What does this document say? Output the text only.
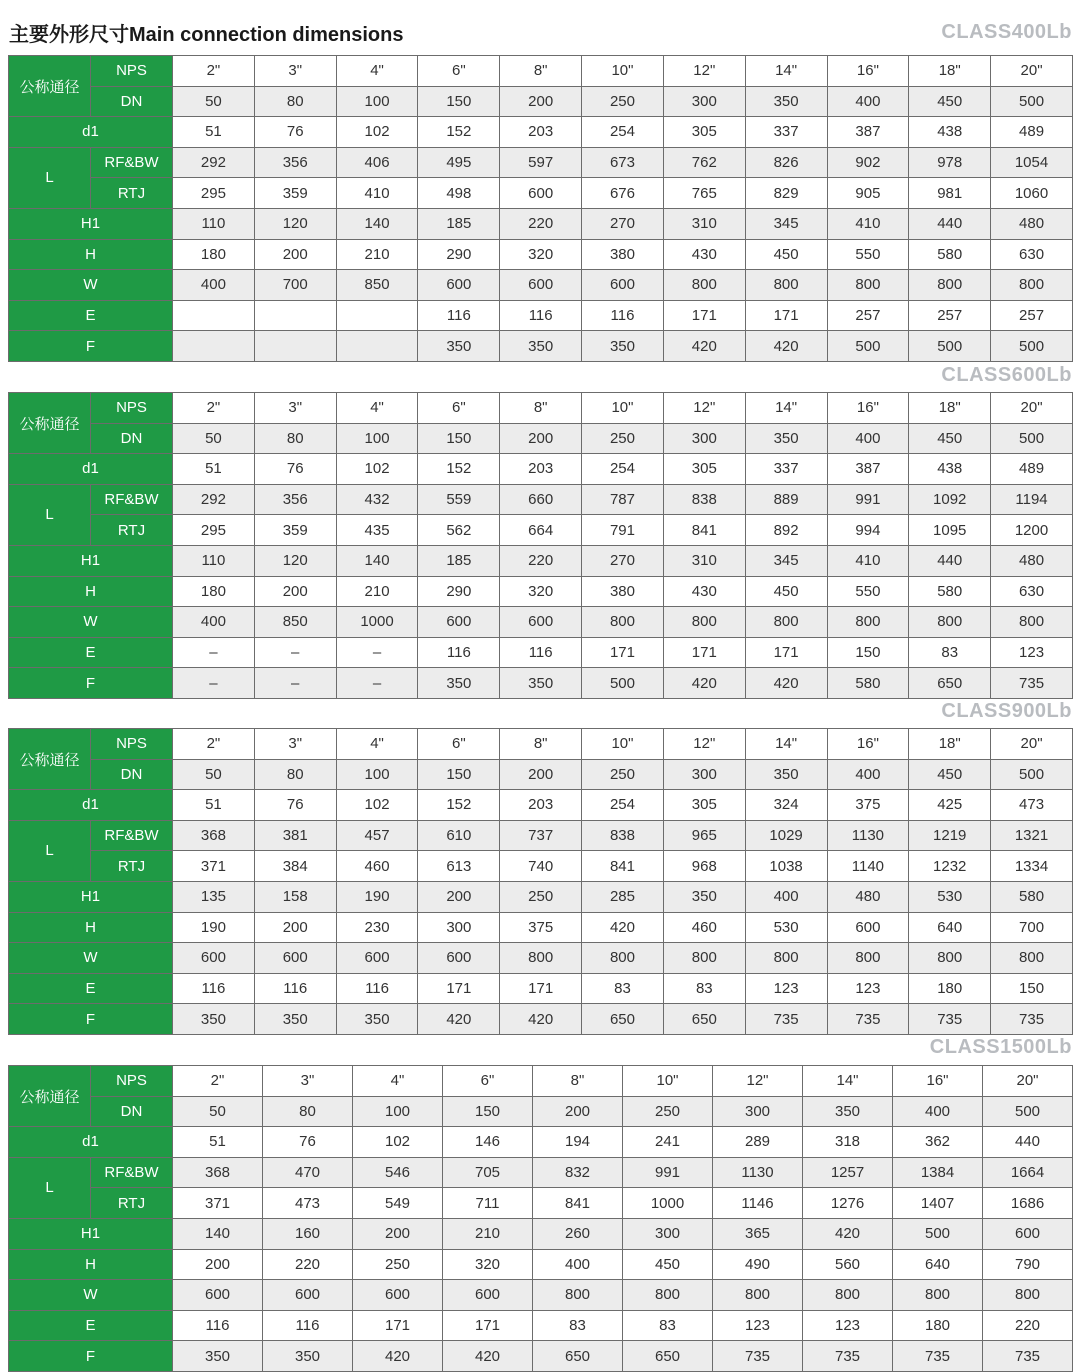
主要外形尺寸Main connection dimensions	CLASS400Lb
公称通径	NPS	2"	3"	4"	6"	8"	10"	12"	14"	16"	18"	20"
	DN	50	80	100	150	200	250	300	350	400	450	500
d1		51	76	102	152	203	254	305	337	387	438	489
L	RF&BW	292	356	406	495	597	673	762	826	902	978	1054
	RTJ	295	359	410	498	600	676	765	829	905	981	1060
H1		110	120	140	185	220	270	310	345	410	440	480
H		180	200	210	290	320	380	430	450	550	580	630
W		400	700	850	600	600	600	800	800	800	800	800
E					116	116	116	171	171	257	257	257
F					350	350	350	420	420	500	500	500
CLASS600Lb
公称通径	NPS	2"	3"	4"	6"	8"	10"	12"	14"	16"	18"	20"
	DN	50	80	100	150	200	250	300	350	400	450	500
d1		51	76	102	152	203	254	305	337	387	438	489
L	RF&BW	292	356	432	559	660	787	838	889	991	1092	1194
	RTJ	295	359	435	562	664	791	841	892	994	1095	1200
H1		110	120	140	185	220	270	310	345	410	440	480
H		180	200	210	290	320	380	430	450	550	580	630
W		400	850	1000	600	600	800	800	800	800	800	800
E		–	–	–	116	116	171	171	171	150	83	123
F		–	–	–	350	350	500	420	420	580	650	735
CLASS900Lb
公称通径	NPS	2"	3"	4"	6"	8"	10"	12"	14"	16"	18"	20"
	DN	50	80	100	150	200	250	300	350	400	450	500
d1		51	76	102	152	203	254	305	324	375	425	473
L	RF&BW	368	381	457	610	737	838	965	1029	1130	1219	1321
	RTJ	371	384	460	613	740	841	968	1038	1140	1232	1334
H1		135	158	190	200	250	285	350	400	480	530	580
H		190	200	230	300	375	420	460	530	600	640	700
W		600	600	600	600	800	800	800	800	800	800	800
E		116	116	116	171	171	83	83	123	123	180	150
F		350	350	350	420	420	650	650	735	735	735	735
CLASS1500Lb
公称通径	NPS	2"	3"	4"	6"	8"	10"	12"	14"	16"	20"
	DN	50	80	100	150	200	250	300	350	400	500
d1		51	76	102	146	194	241	289	318	362	440
L	RF&BW	368	470	546	705	832	991	1130	1257	1384	1664
	RTJ	371	473	549	711	841	1000	1146	1276	1407	1686
H1		140	160	200	210	260	300	365	420	500	600
H		200	220	250	320	400	450	490	560	640	790
W		600	600	600	600	800	800	800	800	800	800
E		116	116	171	171	83	83	123	123	180	220
F		350	350	420	420	650	650	735	735	735	735
